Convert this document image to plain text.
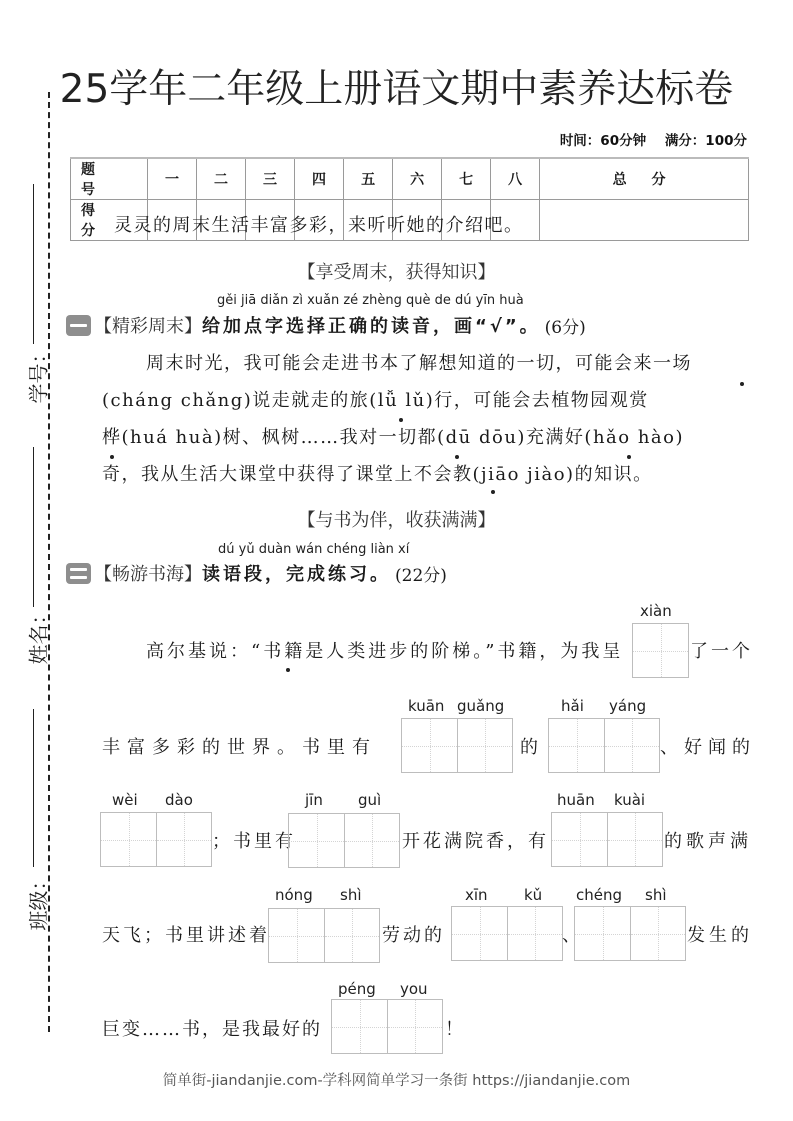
25学年二年级上册语文期中素养达标卷
时间：60分钟 满分：100分
题 号	一	二	三	四	五	六	七	八	总 分
得 分									
学号：
姓名：
班级：
灵灵的周末生活丰富多彩，来听听她的介绍吧。
【享受周末，获得知识】
gěi jiā diǎn zì xuǎn zé zhèng què de dú yīn huà
【精彩周末】 给加点字选择正确的读音，画“√”。 (6分)
周末时光，我可能会走进书本了解想知道的一切，可能会来一场
(cháng chǎng)说走就走的旅(lǚ lǔ)行，可能会去植物园观赏
桦(huá huà)树、枫树……我对一切都(dū dōu)充满好(hǎo hào)
奇，我从生活大课堂中获得了课堂上不会教(jiāo jiào)的知识。
【与书为伴，收获满满】
dú yǔ duàn wán chéng liàn xí
【畅游书海】 读语段，完成练习。 (22分)
高尔基说：“书籍是人类进步的阶梯。”书籍，为我呈
xiàn
了一个
丰富多彩的世界。书里有
kuān guǎng
的
hǎi yáng
、好闻的
wèi dào
；书里有
jīn guì
开花满院香，有
huān kuài
的歌声满
天飞；书里讲述着
nóng shì
劳动的
xīn kǔ
、
chéng shì
发生的
巨变……书，是我最好的
péng you
！
简单街-jiandanjie.com-学科网简单学习一条街 https://jiandanjie.com
